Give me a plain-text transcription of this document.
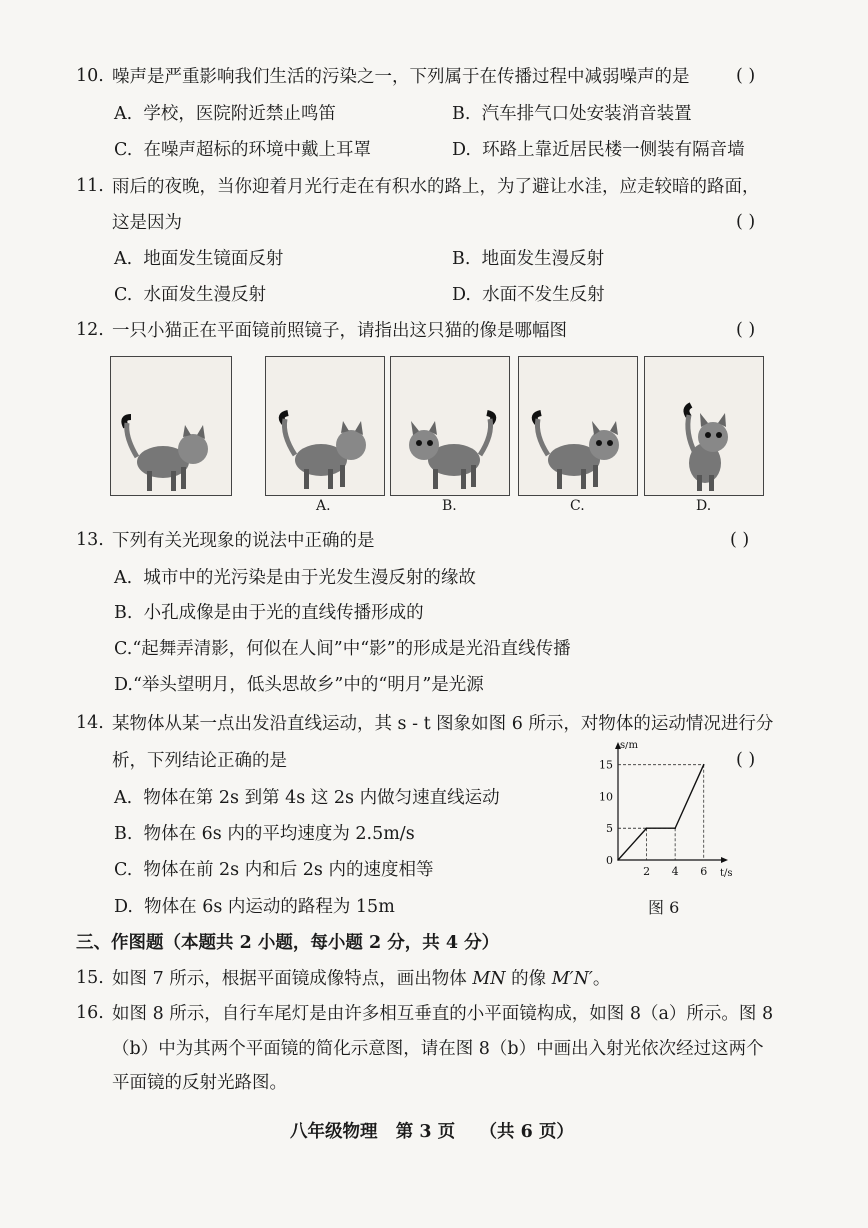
10. 噪声是严重影响我们生活的污染之一，下列属于在传播过程中减弱噪声的是	( )
A. 学校，医院附近禁止鸣笛	B. 汽车排气口处安装消音装置
C. 在噪声超标的环境中戴上耳罩	D. 环路上靠近居民楼一侧装有隔音墙
11. 雨后的夜晚，当你迎着月光行走在有积水的路上，为了避让水洼，应走较暗的路面，
这是因为	( )
A. 地面发生镜面反射	B. 地面发生漫反射
C. 水面发生漫反射	D. 水面不发生反射
12. 一只小猫正在平面镜前照镜子，请指出这只猫的像是哪幅图	( )
A.	B.	C.	D.
13. 下列有关光现象的说法中正确的是	( )
A. 城市中的光污染是由于光发生漫反射的缘故
B. 小孔成像是由于光的直线传播形成的
C.“起舞弄清影，何似在人间”中“影”的形成是光沿直线传播
D.“举头望明月，低头思故乡”中的“明月”是光源
14. 某物体从某一点出发沿直线运动，其 s - t 图象如图 6 所示，对物体的运动情况进行分
析，下列结论正确的是	( )
A. 物体在第 2s 到第 4s 这 2s 内做匀速直线运动
B. 物体在 6s 内的平均速度为 2.5m/s
C. 物体在前 2s 内和后 2s 内的速度相等
D. 物体在 6s 内运动的路程为 15m
s/m
t/s
0
5
10
15
2 4 6
图 6
三、作图题（本题共 2 小题，每小题 2 分，共 4 分）
15. 如图 7 所示，根据平面镜成像特点，画出物体 MN 的像 M′N′。
16. 如图 8 所示，自行车尾灯是由许多相互垂直的小平面镜构成，如图 8（a）所示。图 8
（b）中为其两个平面镜的简化示意图，请在图 8（b）中画出入射光依次经过这两个
平面镜的反射光路图。
八年级物理   第 3 页    （共 6 页）
